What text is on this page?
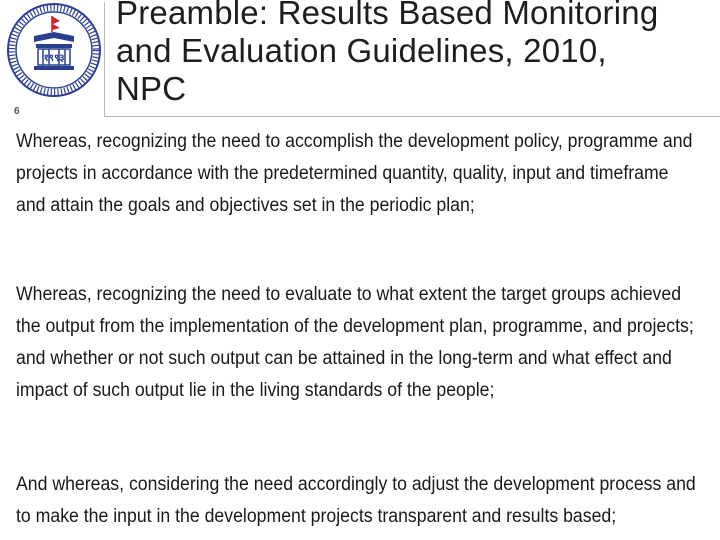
१९९३
6
Preamble: Results Based Monitoring and Evaluation Guidelines, 2010, NPC

Whereas, recognizing the need to accomplish the development policy, programme and projects in accordance with the predetermined quantity, quality, input and timeframe and attain the goals and objectives set in the periodic plan;

Whereas, recognizing the need to evaluate to what extent the target groups achieved the output from the implementation of the development plan, programme, and projects; and whether or not such output can be attained in the long-term and what effect and impact of such output lie in the living standards of the people;

And whereas, considering the need accordingly to adjust the development process and to make the input in the development projects transparent and results based;
